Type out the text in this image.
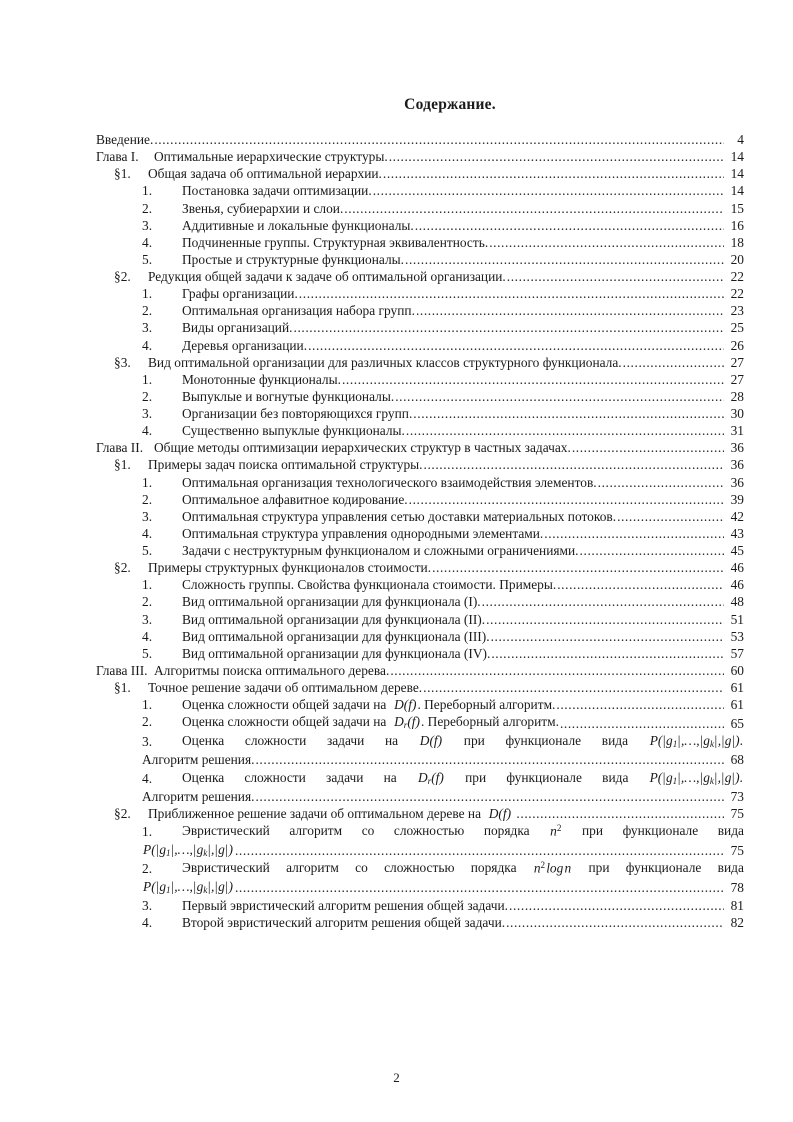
Содержание.
Введение. .....	4
Глава I.	Оптимальные иерархические структуры. .....	14
§1.	Общая задача об оптимальной иерархии. .....	14
1.	Постановка задачи оптимизации. .....	14
2.	Звенья, субиерархии и слои. .....	15
3.	Аддитивные и локальные функционалы. .....	16
4.	Подчиненные группы. Структурная эквивалентность. .....	18
5.	Простые и структурные функционалы. .....	20
§2.	Редукция общей задачи к задаче об оптимальной организации. .....	22
1.	Графы организации. .....	22
2.	Оптимальная организация набора групп. .....	23
3.	Виды организаций. .....	25
4.	Деревья организации. .....	26
§3.	Вид оптимальной организации для различных классов структурного функционала. .....	27
1.	Монотонные функционалы. .....	27
2.	Выпуклые и вогнутые функционалы. .....	28
3.	Организации без повторяющихся групп. .....	30
4.	Существенно выпуклые функционалы. .....	31
Глава II. Общие методы оптимизации иерархических структур в частных задачах. .....	36
§1.	Примеры задач поиска оптимальной структуры. .....	36
1.	Оптимальная организация технологического взаимодействия элементов. .....	36
2.	Оптимальное алфавитное кодирование. .....	39
3.	Оптимальная структура управления сетью доставки материальных потоков. .....	42
4.	Оптимальная структура управления однородными элементами. .....	43
5.	Задачи с неструктурным функционалом и сложными ограничениями. .....	45
§2.	Примеры структурных функционалов стоимости. .....	46
1.	Сложность группы. Свойства функционала стоимости. Примеры. .....	46
2.	Вид оптимальной организации для функционала (I). .....	48
3.	Вид оптимальной организации для функционала (II). .....	51
4.	Вид оптимальной организации для функционала (III). .....	53
5.	Вид оптимальной организации для функционала (IV). .....	57
Глава III. Алгоритмы поиска оптимального дерева. .....	60
§1.	Точное решение задачи об оптимальном дереве. .....	61
1.	Оценка сложности общей задачи на D(f). Переборный алгоритм. .....	61
2.	Оценка сложности общей задачи на $D_r(f)$. Переборный алгоритм. .....	65
3.	Оценка сложности задачи на D(f) при функционале вида $P(|g_1|,\dots,|g_k|,|g|)$.
Алгоритм решения. .....	68
4.	Оценка сложности задачи на $D_r(f)$ при функционале вида $P(|g_1|,\dots,|g_k|,|g|)$.
Алгоритм решения. .....	73
§2.	Приближенное решение задачи об оптимальном дереве на D(f) .....	75
1.	Эвристический алгоритм со сложностью порядка $n^2$ при функционале вида
$P(|g_1|,\dots,|g_k|,|g|)$ .....	75
2.	Эвристический алгоритм со сложностью порядка $n^2$ log n при функционале вида
$P(|g_1|,\dots,|g_k|,|g|)$ .....	78
3.	Первый эвристический алгоритм решения общей задачи. .....	81
4.	Второй эвристический алгоритм решения общей задачи. .....	82
2
